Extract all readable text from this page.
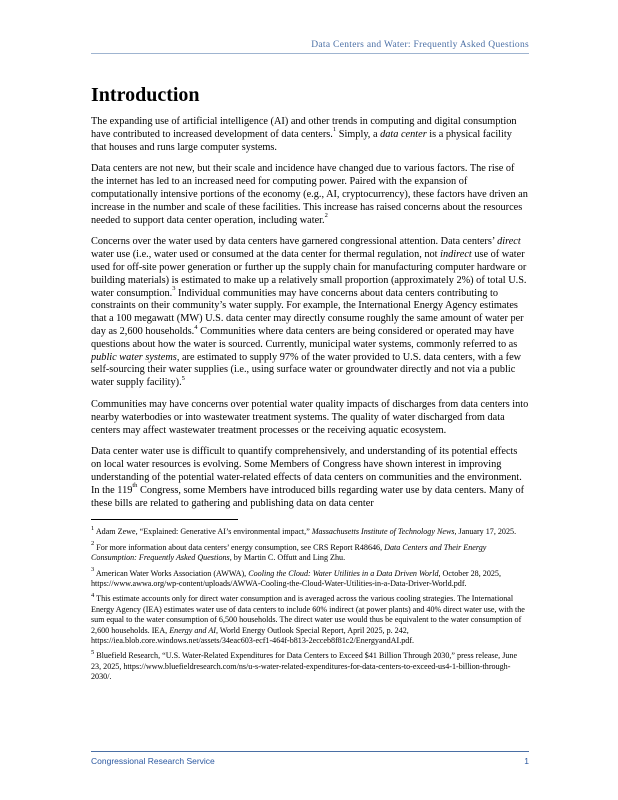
Data Centers and Water: Frequently Asked Questions
Introduction

The expanding use of artificial intelligence (AI) and other trends in computing and digital consumption have contributed to increased development of data centers.$^1$ Simply, a data center is a physical facility that houses and runs large computer systems.

Data centers are not new, but their scale and incidence have changed due to various factors. The rise of the internet has led to an increased need for computing power. Paired with the expansion of computationally intensive portions of the economy (e.g., AI, cryptocurrency), these factors have driven an increase in the number and scale of these facilities. This increase has raised concerns about the resources needed to support data center operation, including water.$^2$

Concerns over the water used by data centers have garnered congressional attention. Data centers’ direct water use (i.e., water used or consumed at the data center for thermal regulation, not indirect use of water used for off-site power generation or further up the supply chain for manufacturing computer hardware or building materials) is estimated to make up a relatively small proportion (approximately 2%) of total U.S. water consumption.$^3$ Individual communities may have concerns about data centers contributing to constraints on their community’s water supply. For example, the International Energy Agency estimates that a 100 megawatt (MW) U.S. data center may directly consume roughly the same amount of water per day as 2,600 households.$^4$ Communities where data centers are being considered or operated may have questions about how the water is sourced. Currently, municipal water systems, commonly referred to as public water systems, are estimated to supply 97% of the water provided to U.S. data centers, with a few self-sourcing their water supplies (i.e., using surface water or groundwater directly and not via a public water supply facility).$^5$

Communities may have concerns over potential water quality impacts of discharges from data centers into nearby waterbodies or into wastewater treatment systems. The quality of water discharged from data centers may affect wastewater treatment processes or the receiving aquatic ecosystem.

Data center water use is difficult to quantify comprehensively, and understanding of its potential effects on local water resources is evolving. Some Members of Congress have shown interest in improving understanding of the potential water-related effects of data centers on communities and the environment. In the 119th Congress, some Members have introduced bills regarding water use by data centers. Many of these bills are related to gathering and publishing data on data center

$^1$ Adam Zewe, “Explained: Generative AI’s environmental impact,” Massachusetts Institute of Technology News, January 17, 2025.

$^2$ For more information about data centers’ energy consumption, see CRS Report R48646, Data Centers and Their Energy Consumption: Frequently Asked Questions, by Martin C. Offutt and Ling Zhu.

$^3$ American Water Works Association (AWWA), Cooling the Cloud: Water Utilities in a Data Driven World, October 28, 2025, https://www.awwa.org/wp-content/uploads/AWWA-Cooling-the-Cloud-Water-Utilities-in-a-Data-Driver-World.pdf.

$^4$ This estimate accounts only for direct water consumption and is averaged across the various cooling strategies. The International Energy Agency (IEA) estimates water use of data centers to include 60% indirect (at power plants) and 40% direct water use, with the sum equal to the water consumption of 6,500 households. The direct water use would thus be equivalent to the water consumption of 2,600 households. IEA, Energy and AI, World Energy Outlook Special Report, April 2025, p. 242, https://iea.blob.core.windows.net/assets/34eac603-ecf1-464f-b813-2ecceb8f81c2/EnergyandAI.pdf.

$^5$ Bluefield Research, “U.S. Water-Related Expenditures for Data Centers to Exceed $41 Billion Through 2030,” press release, June 23, 2025, https://www.bluefieldresearch.com/ns/u-s-water-related-expenditures-for-data-centers-to-exceed-us4-1-billion-through-2030/.

Congressional Research Service	1
